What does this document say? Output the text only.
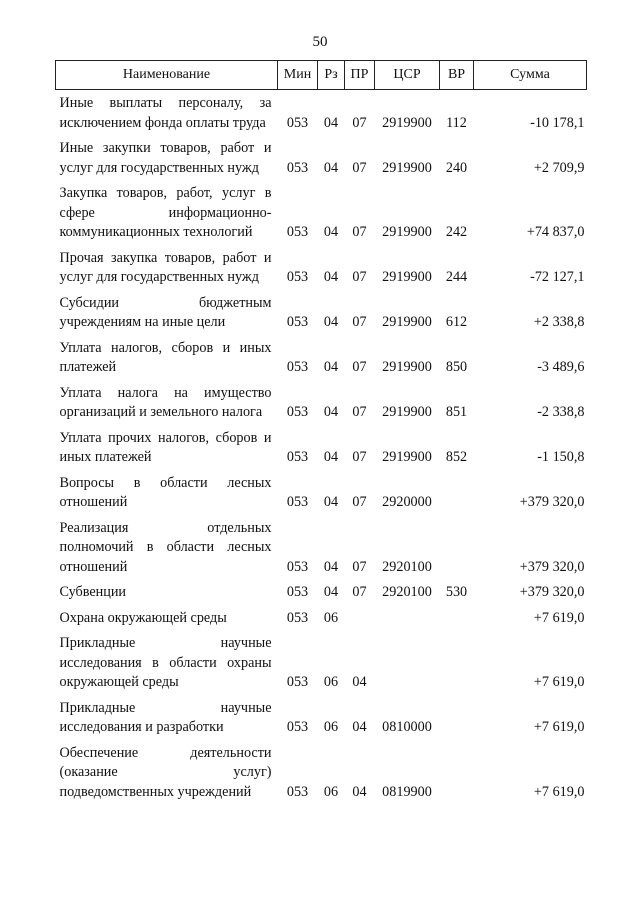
50
Наименование	Мин	Рз	ПР	ЦСР	ВР	Сумма
Иные выплаты персоналу, за исключением фонда оплаты труда	053	04	07	2919900	112	-10 178,1
Иные закупки товаров, работ и услуг для государственных нужд	053	04	07	2919900	240	+2 709,9
Закупка товаров, работ, услуг в сфере информационно-коммуникационных технологий	053	04	07	2919900	242	+74 837,0
Прочая закупка товаров, работ и услуг для государственных нужд	053	04	07	2919900	244	-72 127,1
Субсидии бюджетным учреждениям на иные цели	053	04	07	2919900	612	+2 338,8
Уплата налогов, сборов и иных платежей	053	04	07	2919900	850	-3 489,6
Уплата налога на имущество организаций и земельного налога	053	04	07	2919900	851	-2 338,8
Уплата прочих налогов, сборов и иных платежей	053	04	07	2919900	852	-1 150,8
Вопросы в области лесных отношений	053	04	07	2920000		+379 320,0
Реализация отдельных полномочий в области лесных отношений	053	04	07	2920100		+379 320,0
Субвенции	053	04	07	2920100	530	+379 320,0
Охрана окружающей среды	053	06				+7 619,0
Прикладные научные исследования в области охраны окружающей среды	053	06	04			+7 619,0
Прикладные научные исследования и разработки	053	06	04	0810000		+7 619,0
Обеспечение деятельности (оказание услуг) подведомственных учреждений	053	06	04	0819900		+7 619,0
